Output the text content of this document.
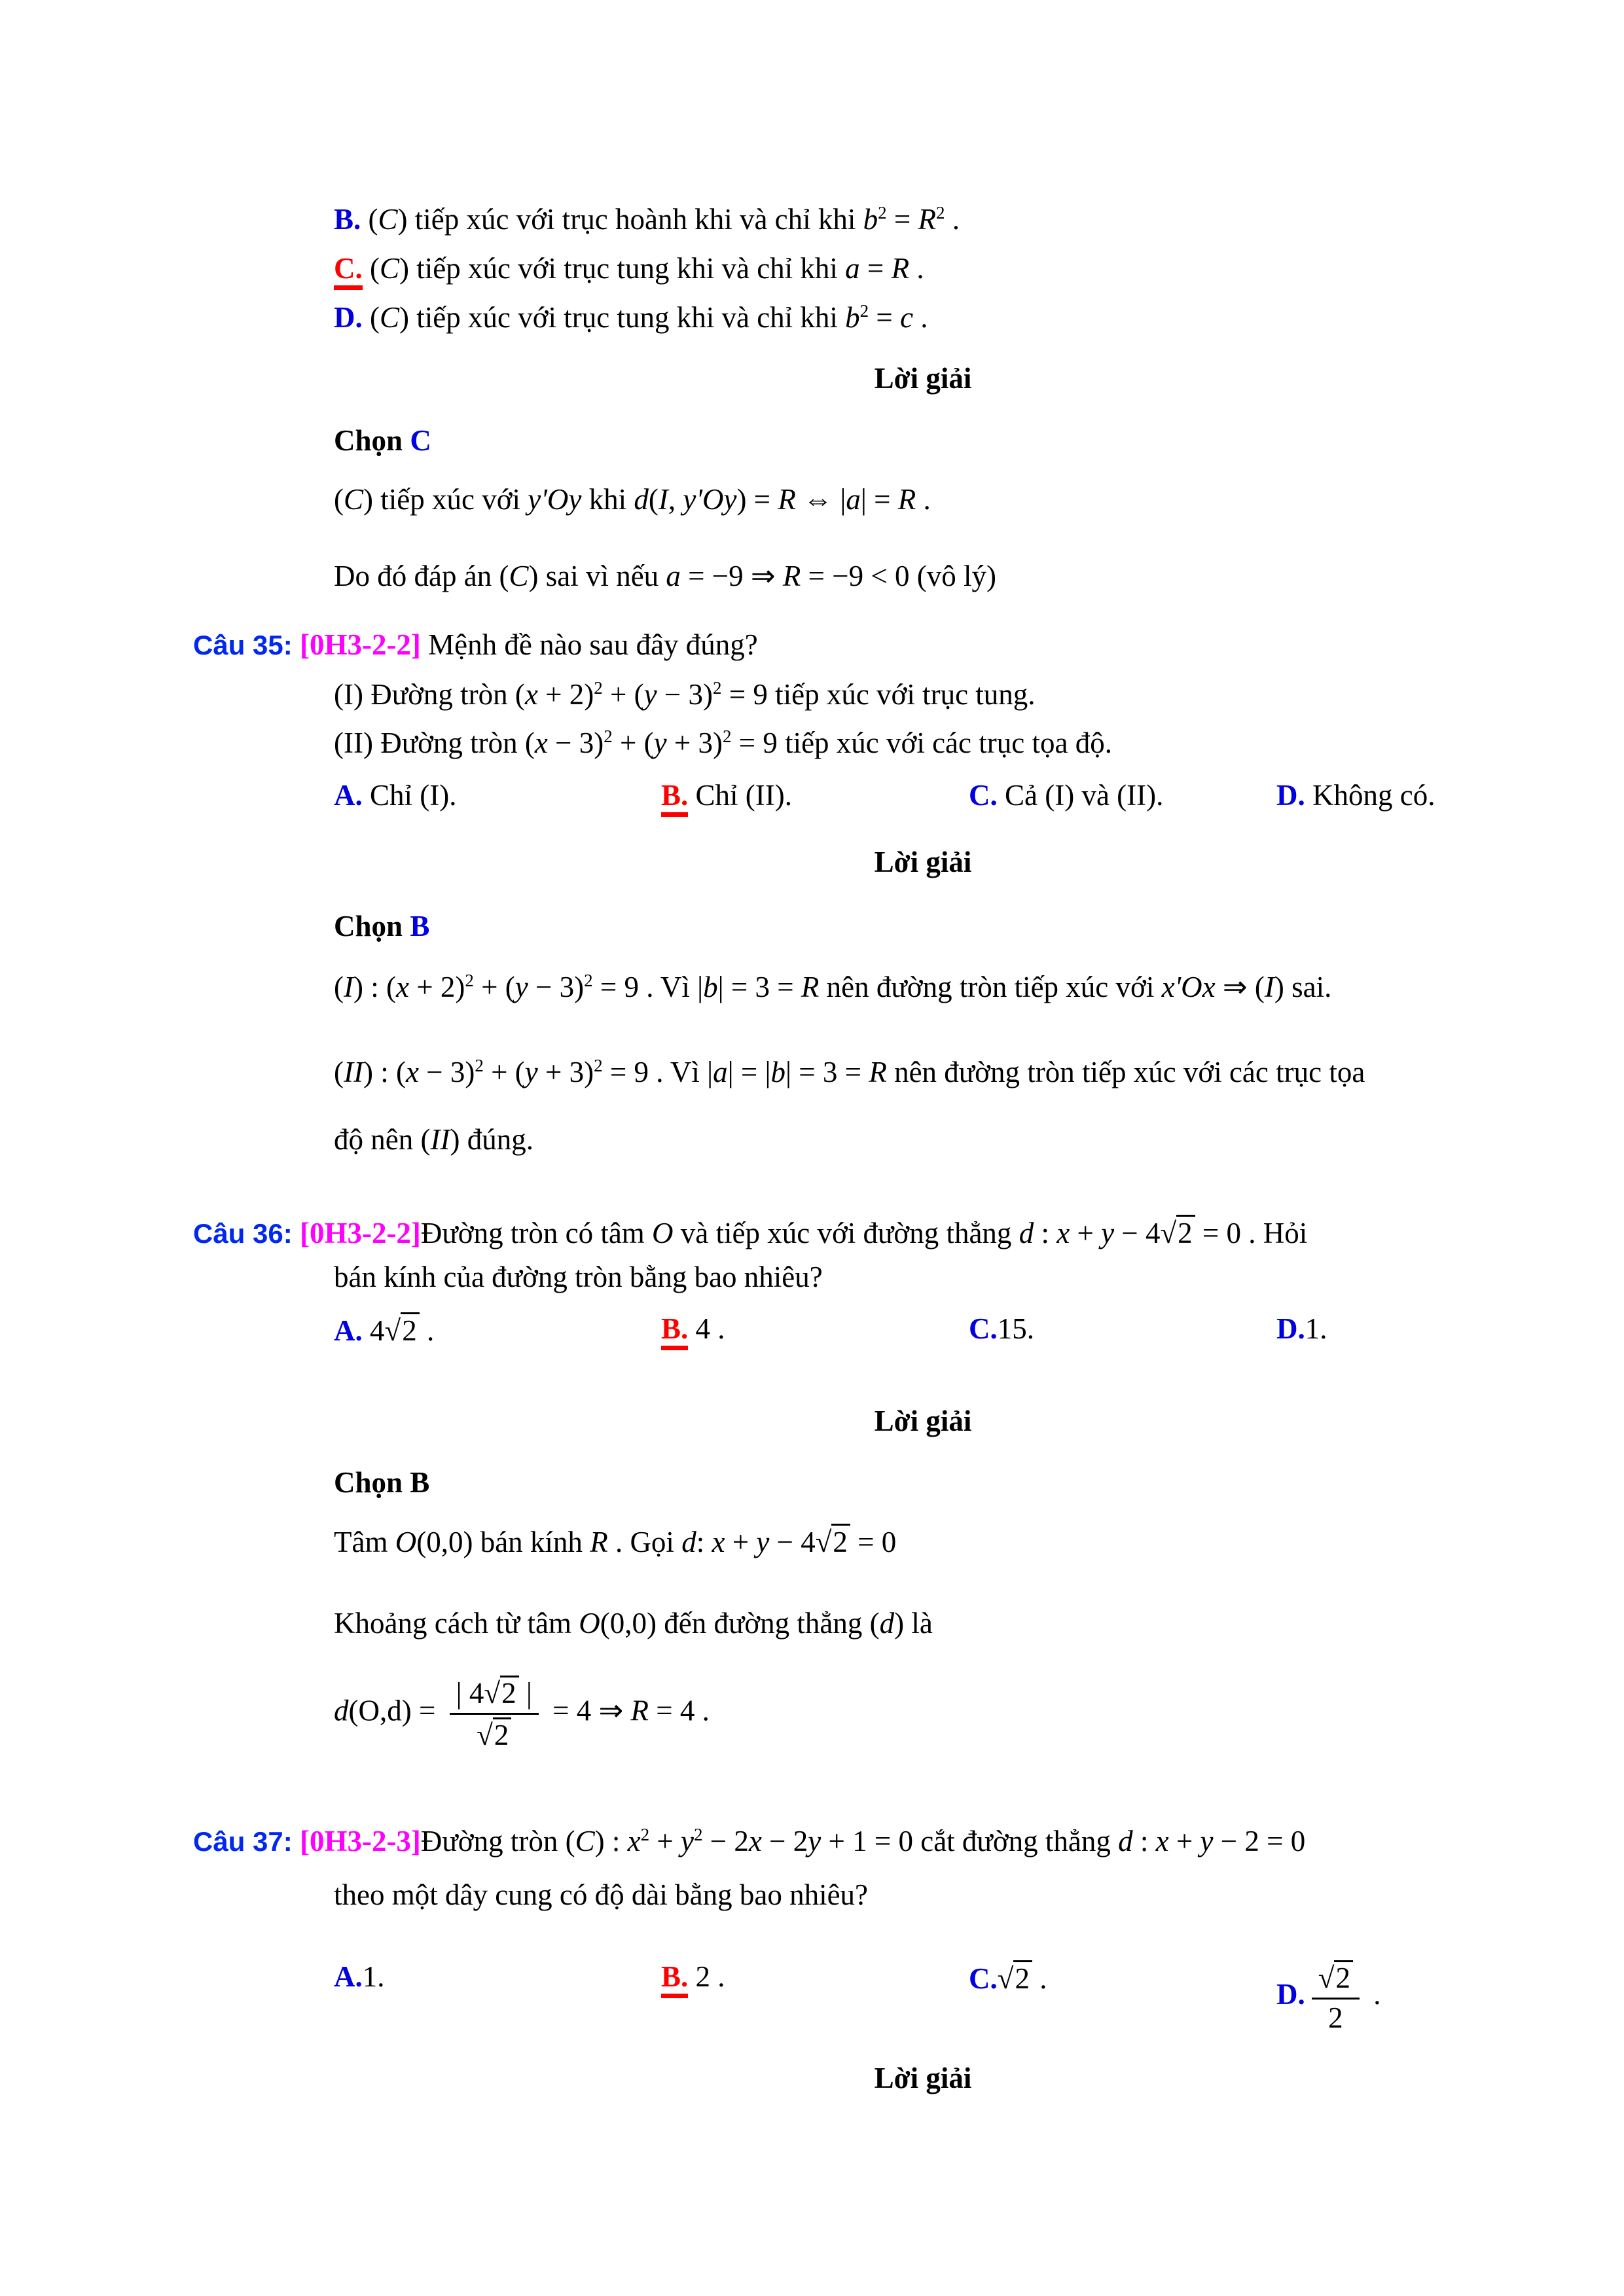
B. (C) tiếp xúc với trục hoành khi và chỉ khi $b^2 = R^2$ .
C. (C) tiếp xúc với trục tung khi và chỉ khi a = R .
D. (C) tiếp xúc với trục tung khi và chỉ khi $b^2 = c$ .
Lời giải
Chọn C
(C) tiếp xúc với y'Oy khi d(I, y'Oy) = R ⇔ |a| = R .
Do đó đáp án (C) sai vì nếu a = −9 ⇒ R = −9 < 0 (vô lý)
Câu 35: [0H3-2-2] Mệnh đề nào sau đây đúng?
(I) Đường tròn $(x + 2)^2 + (y - 3)^2 = 9$ tiếp xúc với trục tung.
(II) Đường tròn $(x - 3)^2 + (y + 3)^2 = 9$ tiếp xúc với các trục tọa độ.
A. Chỉ (I).	B. Chỉ (II).	C. Cả (I) và (II).	D. Không có.
Lời giải
Chọn B
(I) : $(x + 2)^2 + (y - 3)^2 = 9$ . Vì |b| = 3 = R nên đường tròn tiếp xúc với x'Ox ⇒ (I) sai.
(II) : $(x - 3)^2 + (y + 3)^2 = 9$ . Vì |a| = |b| = 3 = R nên đường tròn tiếp xúc với các trục tọa
độ nên (II) đúng.
Câu 36: [0H3-2-2]Đường tròn có tâm O và tiếp xúc với đường thẳng d : x + y − 4√2 = 0 . Hỏi
bán kính của đường tròn bằng bao nhiêu?
A. 4√2 .	B. 4 .	C.15.	D.1.
Lời giải
Chọn B
Tâm O(0,0) bán kính R . Gọi d: x + y − 4√2 = 0
Khoảng cách từ tâm O(0,0) đến đường thẳng (d) là
$d(O,d) = \frac{| 4√2 |}{√2} = 4$ ⇒ R = 4 .
Câu 37: [0H3-2-3]Đường tròn (C) : $x^2 + y^2 - 2x - 2y + 1 = 0$ cắt đường thẳng d : x + y − 2 = 0
theo một dây cung có độ dài bằng bao nhiêu?
A.1.	B. 2 .	C.√2 .	D. $\frac{√2}{2}$ .
Lời giải
